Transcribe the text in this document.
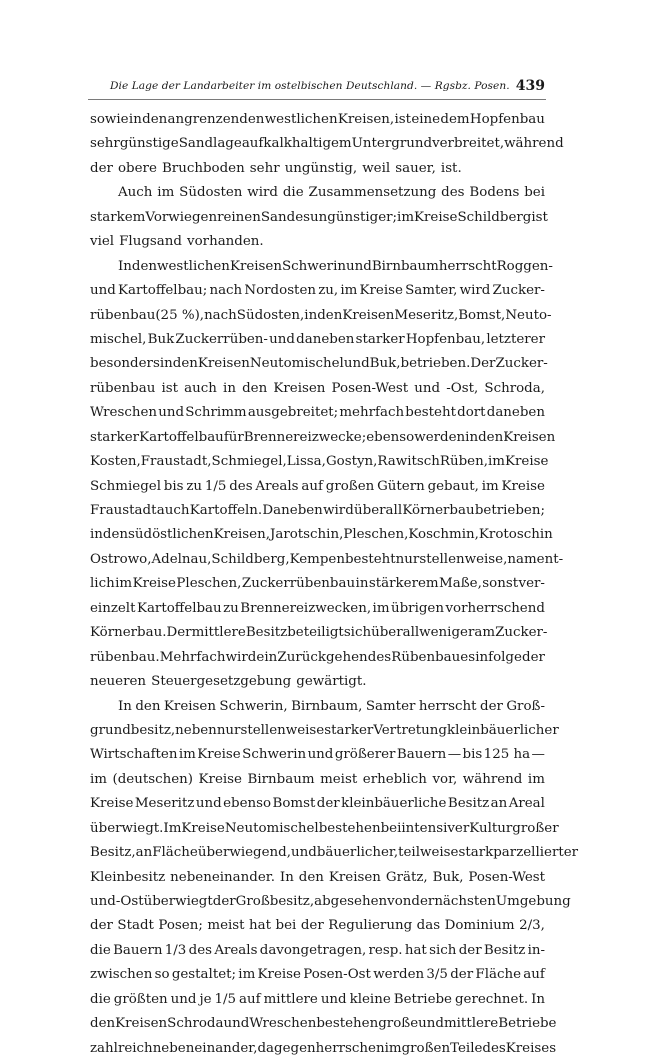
Die Lage der Landarbeiter im ostelbischen Deutschland. — Rgsbz. Posen. 439
sowie in den angrenzenden westlichen Kreisen, ist eine dem Hopfenbau
sehr günstige Sandlage auf kalkhaltigem Untergrund verbreitet, während
der obere Bruchboden sehr ungünstig, weil sauer, ist.
Auch im Südosten wird die Zusammensetzung des Bodens bei
starkem Vorwiegen reinen Sandes ungünstiger; im Kreise Schildberg ist
viel Flugsand vorhanden.
In den westlichen Kreisen Schwerin und Birnbaum herrscht Roggen-
und Kartoffelbau; nach Nordosten zu, im Kreise Samter, wird Zucker-
rübenbau (25 %), nach Südosten, in den Kreisen Meseritz, Bomst, Neuto-
mischel, Buk Zuckerrüben- und daneben starker Hopfenbau, letzterer
besonders in den Kreisen Neutomischel und Buk, betrieben. Der Zucker-
rübenbau ist auch in den Kreisen Posen-West und -Ost, Schroda,
Wreschen und Schrimm ausgebreitet; mehrfach besteht dort daneben
starker Kartoffelbau für Brennereizwecke; ebenso werden in den Kreisen
Kosten, Fraustadt, Schmiegel, Lissa, Gostyn, Rawitsch Rüben, im Kreise
Schmiegel bis zu 1/5 des Areals auf großen Gütern gebaut, im Kreise
Fraustadt auch Kartoffeln. Daneben wird überall Körnerbau betrieben;
in den südöstlichen Kreisen, Jarotschin, Pleschen, Koschmin, Krotoschin
Ostrowo, Adelnau, Schildberg, Kempen besteht nur stellenweise, nament-
lich im Kreise Pleschen, Zuckerrübenbau in stärkerem Maße, sonst ver-
einzelt Kartoffelbau zu Brennereizwecken, im übrigen vorherrschend
Körnerbau. Der mittlere Besitz beteiligt sich überall weniger am Zucker-
rübenbau. Mehrfach wird ein Zurückgehen des Rübenbaues infolge der
neueren Steuergesetzgebung gewärtigt.
In den Kreisen Schwerin, Birnbaum, Samter herrscht der Groß-
grundbesitz, neben nur stellenweise starker Vertretung kleinbäuerlicher
Wirtschaften im Kreise Schwerin und größerer Bauern — bis 125 ha —
im (deutschen) Kreise Birnbaum meist erheblich vor, während im
Kreise Meseritz und ebenso Bomst der kleinbäuerliche Besitz an Areal
überwiegt. Im Kreise Neutomischel bestehen bei intensiver Kultur großer
Besitz, an Fläche überwiegend, und bäuerlicher, teilweise stark parzellierter
Kleinbesitz nebeneinander. In den Kreisen Grätz, Buk, Posen-West
und -Ost überwiegt der Großbesitz, abgesehen von der nächsten Umgebung
der Stadt Posen; meist hat bei der Regulierung das Dominium 2/3,
die Bauern 1/3 des Areals davongetragen, resp. hat sich der Besitz in-
zwischen so gestaltet; im Kreise Posen-Ost werden 3/5 der Fläche auf
die größten und je 1/5 auf mittlere und kleine Betriebe gerechnet. In
den Kreisen Schroda und Wreschen bestehen große und mittlere Betriebe
zahlreich nebeneinander, dagegen herrschen im großen Teile des Kreises
